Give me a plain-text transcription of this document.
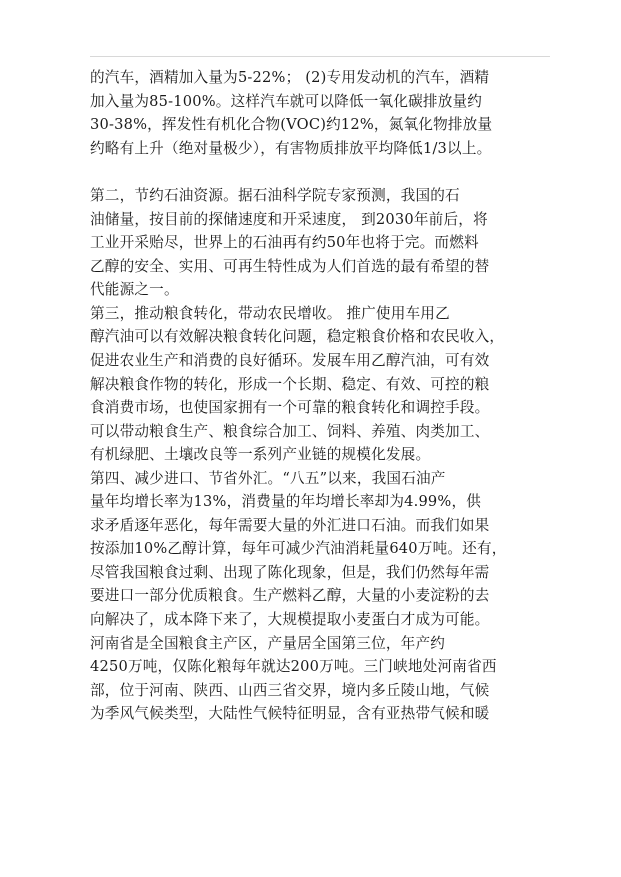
的汽车，酒精加入量为5-22%； (2)专用发动机的汽车，酒精
加入量为85-100%。这样汽车就可以降低一氧化碳排放量约
30-38%，挥发性有机化合物(VOC)约12%，氮氧化物排放量
约略有上升（绝对量极少），有害物质排放平均降低1/3以上。
第二，节约石油资源。据石油科学院专家预测，我国的石
油储量，按目前的探储速度和开采速度， 到2030年前后，将
工业开采贻尽，世界上的石油再有约50年也将于完。而燃料
乙醇的安全、实用、可再生特性成为人们首选的最有希望的替
代能源之一。
第三，推动粮食转化，带动农民增收。 推广使用车用乙
醇汽油可以有效解决粮食转化问题，稳定粮食价格和农民收入，
促进农业生产和消费的良好循环。发展车用乙醇汽油，可有效
解决粮食作物的转化，形成一个长期、稳定、有效、可控的粮
食消费市场，也使国家拥有一个可靠的粮食转化和调控手段。
可以带动粮食生产、粮食综合加工、饲料、养殖、肉类加工、
有机绿肥、土壤改良等一系列产业链的规模化发展。
第四、减少进口、节省外汇。“八五”以来，我国石油产
量年均增长率为13%，消费量的年均增长率却为4.99%，供
求矛盾逐年恶化，每年需要大量的外汇进口石油。而我们如果
按添加10%乙醇计算，每年可减少汽油消耗量640万吨。还有，
尽管我国粮食过剩、出现了陈化现象，但是，我们仍然每年需
要进口一部分优质粮食。生产燃料乙醇，大量的小麦淀粉的去
向解决了，成本降下来了，大规模提取小麦蛋白才成为可能。
河南省是全国粮食主产区，产量居全国第三位，年产约
4250万吨，仅陈化粮每年就达200万吨。三门峡地处河南省西
部，位于河南、陕西、山西三省交界，境内多丘陵山地，气候
为季风气候类型，大陆性气候特征明显，含有亚热带气候和暖
